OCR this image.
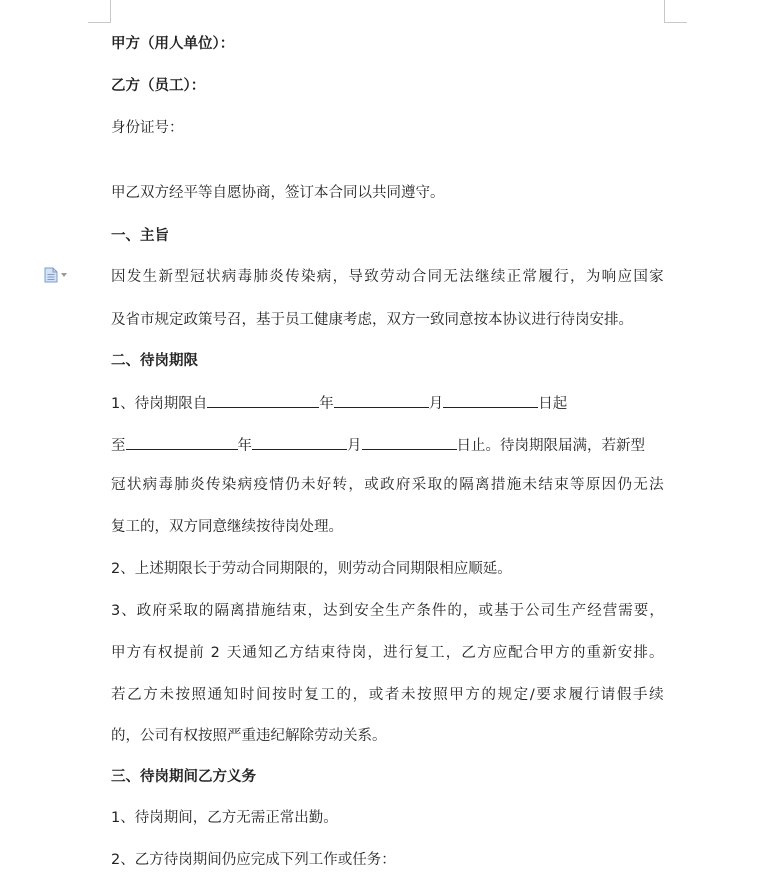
甲方（用人单位）：
乙方（员工）：
身份证号：
甲乙双方经平等自愿协商，签订本合同以共同遵守。
一、主旨
因 发 生 新 型 冠 状 病 毒 肺 炎 传 染 病 ， 导 致 劳 动 合 同 无 法 继 续 正 常 履 行 ， 为 响 应 国 家
及省市规定政策号召，基于员工健康考虑，双方一致同意按本协议进行待岗安排。
二、待岗期限
1、待岗期限自	年	月	日起
至	年	月	日止。待岗期限届满，若新型
冠 状 病 毒 肺 炎 传 染 病 疫 情 仍 未 好 转 ， 或 政 府 采 取 的 隔 离 措 施 未 结 束 等 原 因 仍 无 法
复工的，双方同意继续按待岗处理。
2、上述期限长于劳动合同期限的，则劳动合同期限相应顺延。
3 、 政 府 采 取 的 隔 离 措 施 结 束 ， 达 到 安 全 生 产 条 件 的 ， 或 基 于 公 司 生 产 经 营 需 要 ，
甲 方 有 权 提 前
2
天 通 知 乙 方 结 束 待 岗 ， 进 行 复 工 ， 乙 方 应 配 合 甲 方 的 重 新 安 排 。
若 乙 方 未 按 照 通 知 时 间 按 时 复 工 的 ， 或 者 未 按 照 甲 方 的 规 定 / 要 求 履 行 请 假 手 续
的，公司有权按照严重违纪解除劳动关系。
三、待岗期间乙方义务
1、待岗期间，乙方无需正常出勤。
2、乙方待岗期间仍应完成下列工作或任务：
